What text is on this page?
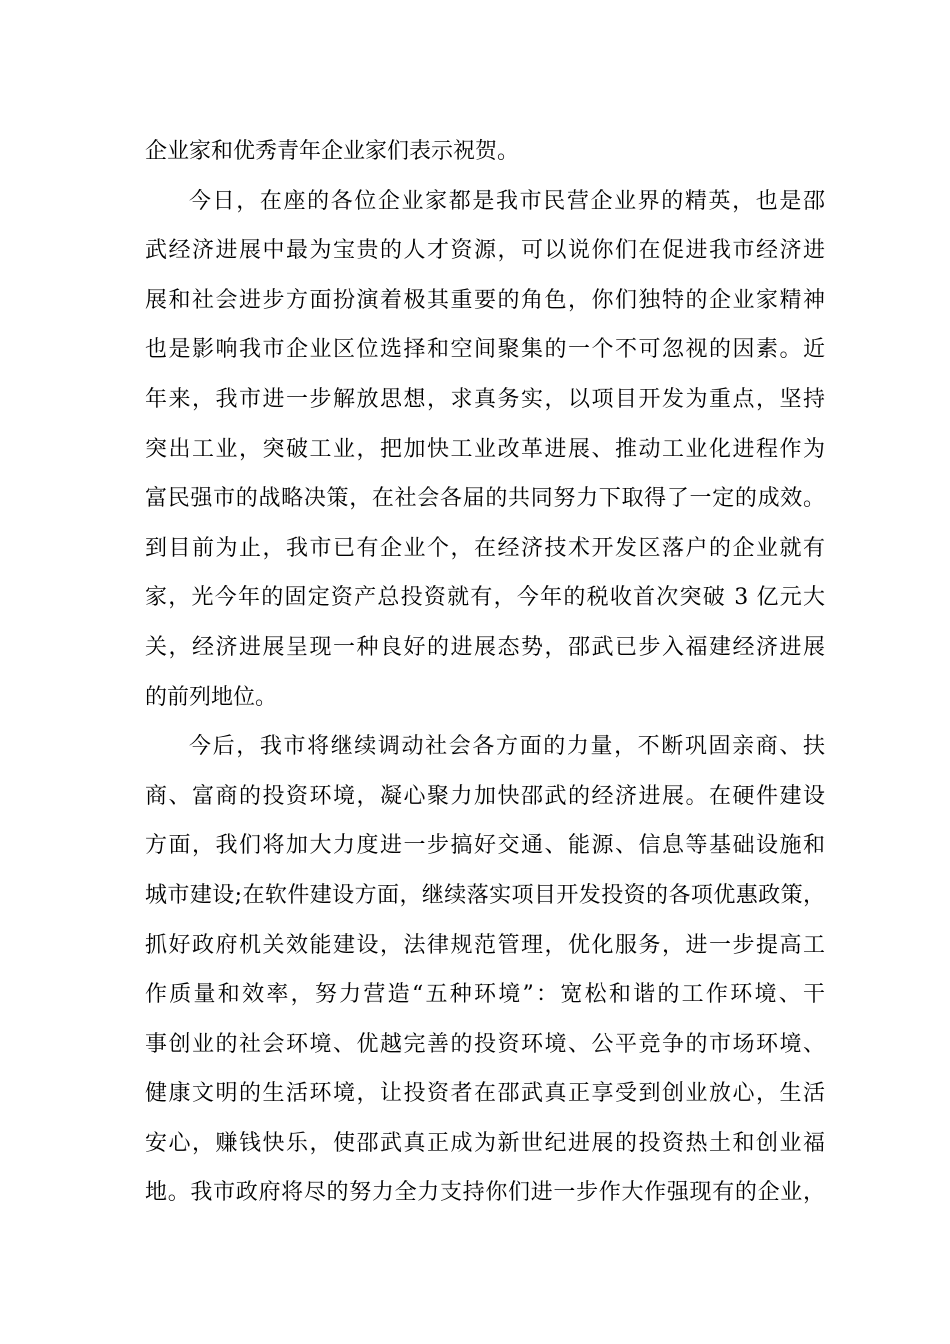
企业家和优秀青年企业家们表示祝贺。
今日，在座的各位企业家都是我市民营企业界的精英，也是邵
武经济进展中最为宝贵的人才资源，可以说你们在促进我市经济进
展和社会进步方面扮演着极其重要的角色，你们独特的企业家精神
也是影响我市企业区位选择和空间聚集的一个不可忽视的因素。近
年来，我市进一步解放思想，求真务实，以项目开发为重点，坚持
突出工业，突破工业，把加快工业改革进展、推动工业化进程作为
富民强市的战略决策，在社会各届的共同努力下取得了一定的成效。
到目前为止，我市已有企业个，在经济技术开发区落户的企业就有
家，光今年的固定资产总投资就有，今年的税收首次突破 3 亿元大
关，经济进展呈现一种良好的进展态势，邵武已步入福建经济进展
的前列地位。
今后，我市将继续调动社会各方面的力量，不断巩固亲商、扶
商、富商的投资环境，凝心聚力加快邵武的经济进展。在硬件建设
方面，我们将加大力度进一步搞好交通、能源、信息等基础设施和
城市建设;在软件建设方面，继续落实项目开发投资的各项优惠政策，
抓好政府机关效能建设，法律规范管理，优化服务，进一步提高工
作质量和效率，努力营造“五种环境”：宽松和谐的工作环境、干
事创业的社会环境、优越完善的投资环境、公平竞争的市场环境、
健康文明的生活环境，让投资者在邵武真正享受到创业放心，生活
安心，赚钱快乐，使邵武真正成为新世纪进展的投资热土和创业福
地。我市政府将尽的努力全力支持你们进一步作大作强现有的企业，
